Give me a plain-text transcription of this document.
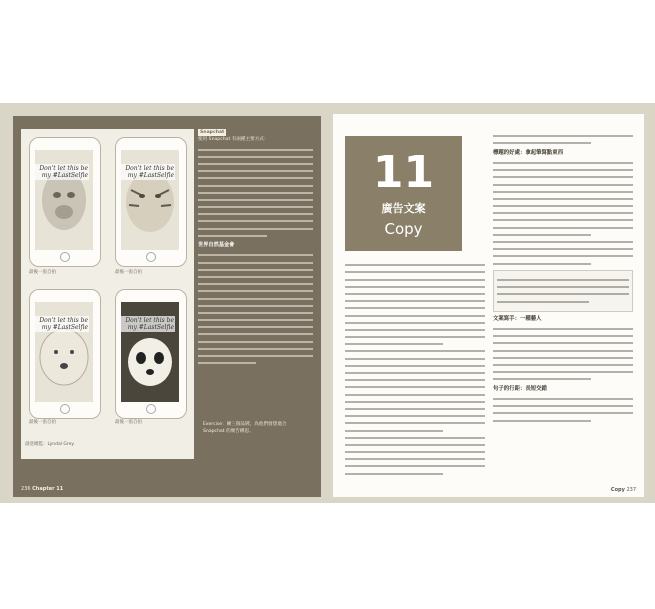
Don't let this be my #LastSelfie
最後一張自拍
Don't let this be my #LastSelfie
最後一張自拍
Don't let this be my #LastSelfie
最後一張自拍
Don't let this be my #LastSelfie
最後一張自拍
創意總監：Lyndal Grey
Snapchat
使用 Snapchat 有兩種主要方式：
世界自然基金會
Exercise：練三個品牌，為他們發想適合 Snapchat 的廣告構思。
236 Chapter 11
11
廣告文案
Copy
標題的好處：拿起筆寫點東西
文案寫手：一種藝人
句子的行距：長短交錯
Copy 237
